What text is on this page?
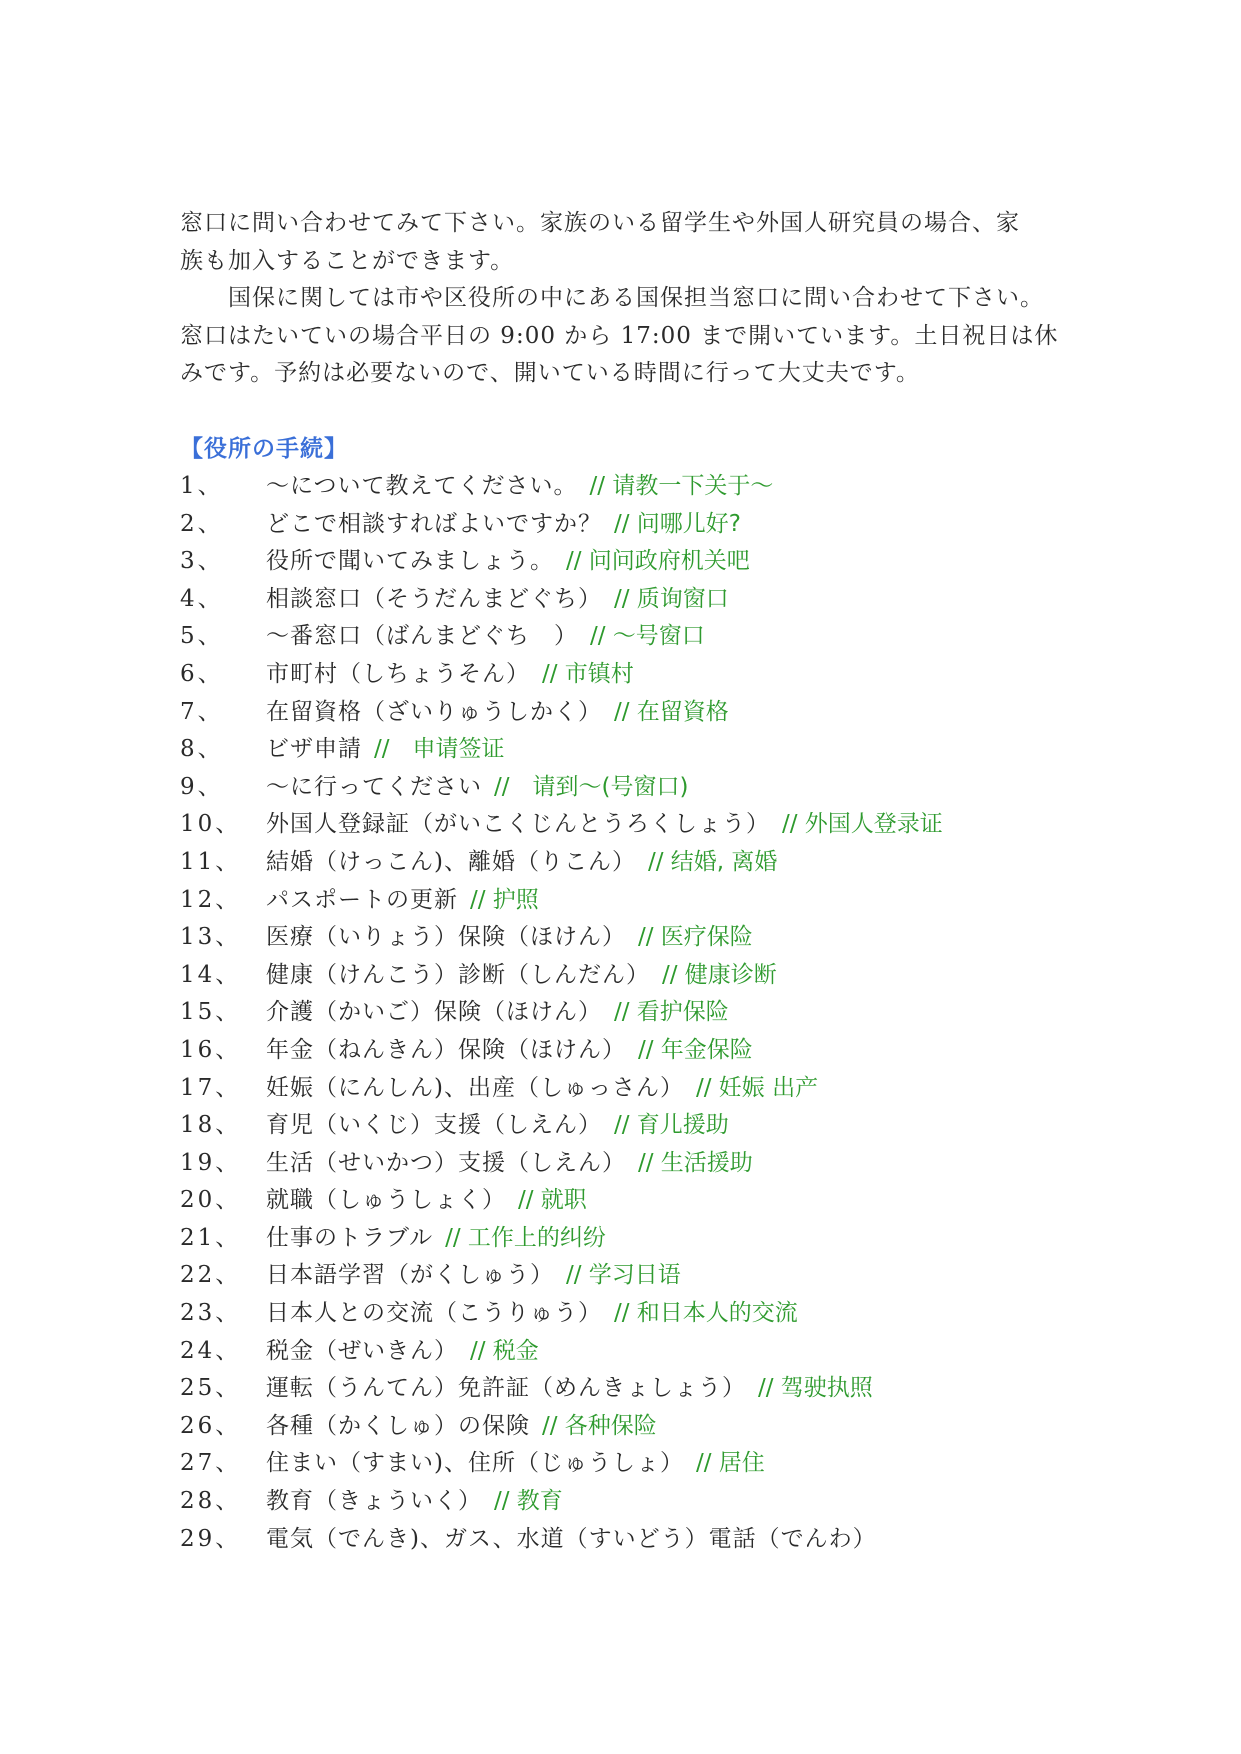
窓口に問い合わせてみて下さい。家族のいる留学生や外国人研究員の場合、家

族も加入することができます。

国保に関しては市や区役所の中にある国保担当窓口に問い合わせて下さい。

窓口はたいていの場合平日の 9:00 から 17:00 まで開いています。土日祝日は休

みです。予約は必要ないので、開いている時間に行って大丈夫です。

【役所の手続】
1、	～について教えてください。 // 请教一下关于～
2、	どこで相談すればよいですか？ // 问哪儿好?
3、	役所で聞いてみましょう。 // 问问政府机关吧
4、	相談窓口（そうだんまどぐち） // 质询窗口
5、	～番窓口（ばんまどぐち　） // ～号窗口
6、	市町村（しちょうそん） // 市镇村
7、	在留資格（ざいりゅうしかく） // 在留資格
8、	ビザ申請 //　申请签证
9、	～に行ってください //　请到～(号窗口)
10、	外国人登録証（がいこくじんとうろくしょう） // 外国人登录证
11、	結婚（けっこん)、離婚（りこん） // 结婚, 离婚
12、	パスポートの更新 // 护照
13、	医療（いりょう）保険（ほけん） // 医疗保险
14、	健康（けんこう）診断（しんだん） // 健康诊断
15、	介護（かいご）保険（ほけん） // 看护保险
16、	年金（ねんきん）保険（ほけん） // 年金保险
17、	妊娠（にんしん)、出産（しゅっさん） // 妊娠 出产
18、	育児（いくじ）支援（しえん） // 育儿援助
19、	生活（せいかつ）支援（しえん） // 生活援助
20、	就職（しゅうしょく） // 就职
21、	仕事のトラブル // 工作上的纠纷
22、	日本語学習（がくしゅう） // 学习日语
23、	日本人との交流（こうりゅう） // 和日本人的交流
24、	税金（ぜいきん） // 税金
25、	運転（うんてん）免許証（めんきょしょう） // 驾驶执照
26、	各種（かくしゅ）の保険 // 各种保险
27、	住まい（すまい)、住所（じゅうしょ） // 居住
28、	教育（きょういく） // 教育
29、	電気（でんき)、ガス、水道（すいどう）電話（でんわ）
